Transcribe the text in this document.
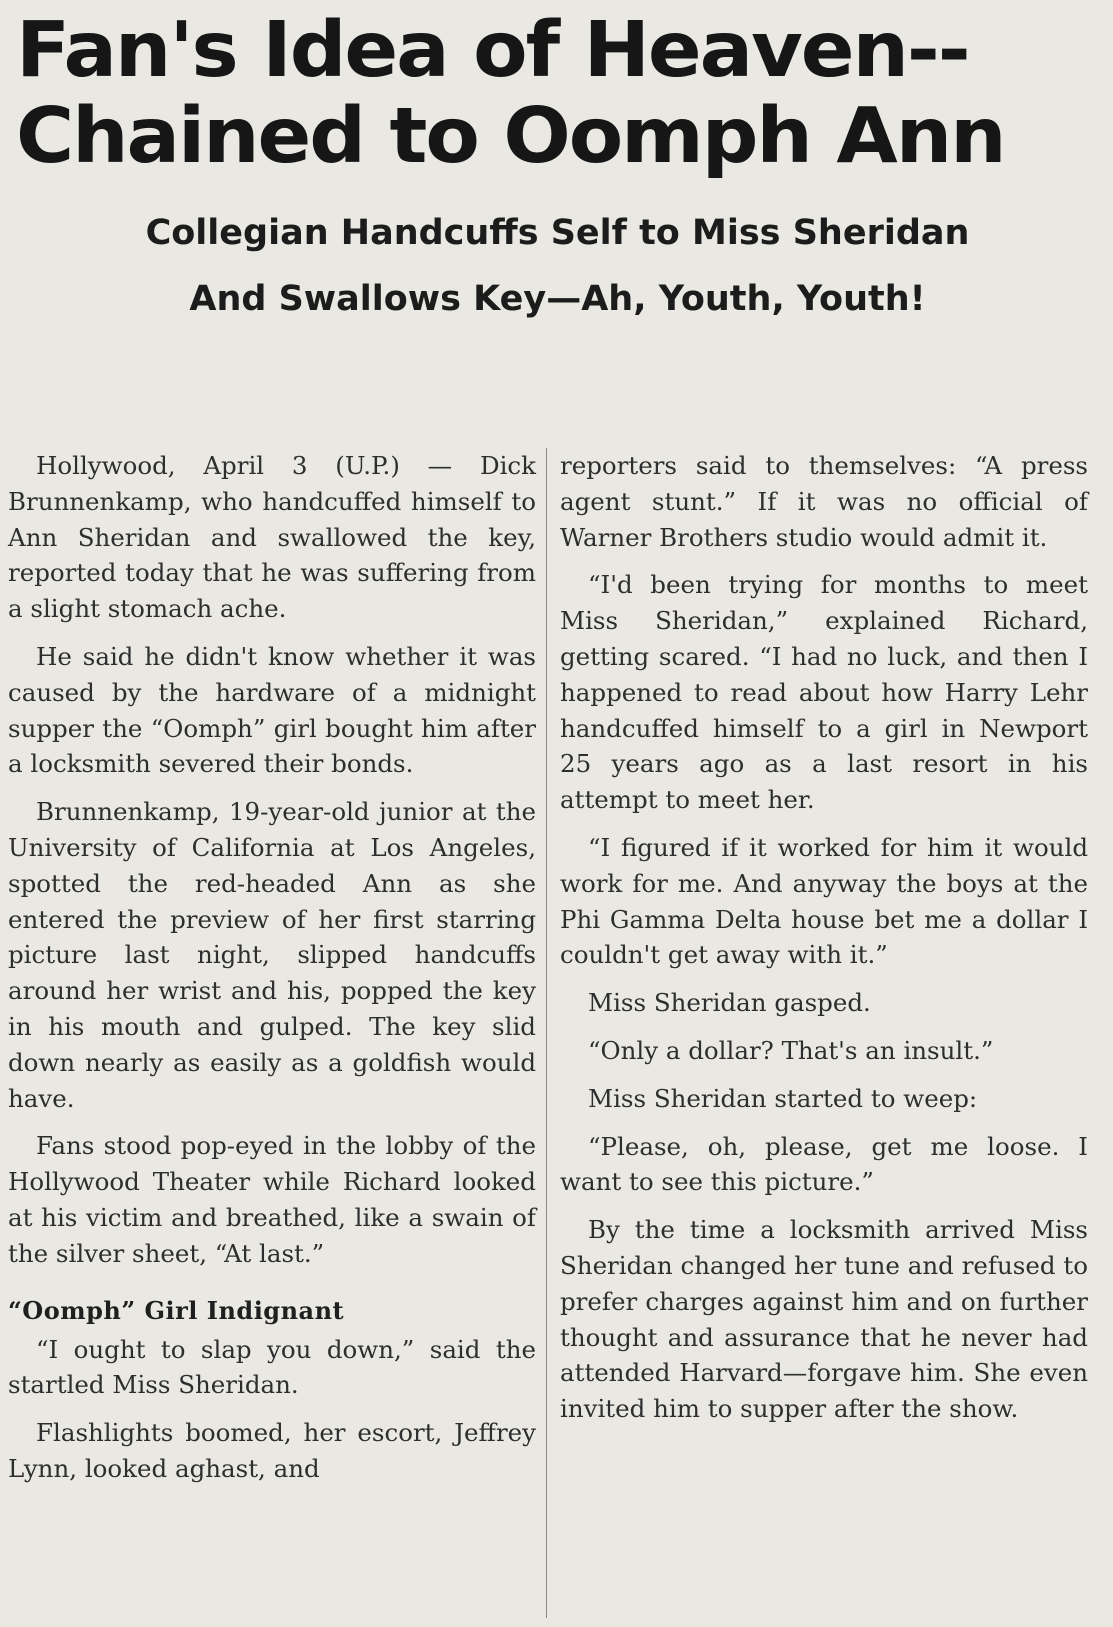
Fan's Idea of Heaven--
Chained to Oomph Ann
Collegian Handcuffs Self to Miss Sheridan
And Swallows Key—Ah, Youth, Youth!

Hollywood, April 3 (U.P.) — Dick Brunnenkamp, who handcuffed himself to Ann Sheridan and swallowed the key, reported today that he was suffering from a slight stomach ache.

He said he didn't know whether it was caused by the hardware of a midnight supper the “Oomph” girl bought him after a locksmith severed their bonds.

Brunnenkamp, 19-year-old junior at the University of California at Los Angeles, spotted the red-headed Ann as she entered the preview of her first starring picture last night, slipped handcuffs around her wrist and his, popped the key in his mouth and gulped. The key slid down nearly as easily as a goldfish would have.

Fans stood pop-eyed in the lobby of the Hollywood Theater while Richard looked at his victim and breathed, like a swain of the silver sheet, “At last.”

“Oomph” Girl Indignant

“I ought to slap you down,” said the startled Miss Sheridan.

Flashlights boomed, her escort, Jeffrey Lynn, looked aghast, and

reporters said to themselves: “A press agent stunt.” If it was no official of Warner Brothers studio would admit it.

“I'd been trying for months to meet Miss Sheridan,” explained Richard, getting scared. “I had no luck, and then I happened to read about how Harry Lehr handcuffed himself to a girl in Newport 25 years ago as a last resort in his attempt to meet her.

“I figured if it worked for him it would work for me. And anyway the boys at the Phi Gamma Delta house bet me a dollar I couldn't get away with it.”

Miss Sheridan gasped.

“Only a dollar? That's an insult.”

Miss Sheridan started to weep:

“Please, oh, please, get me loose. I want to see this picture.”

By the time a locksmith arrived Miss Sheridan changed her tune and refused to prefer charges against him and on further thought and assurance that he never had attended Harvard—forgave him. She even invited him to supper after the show.
